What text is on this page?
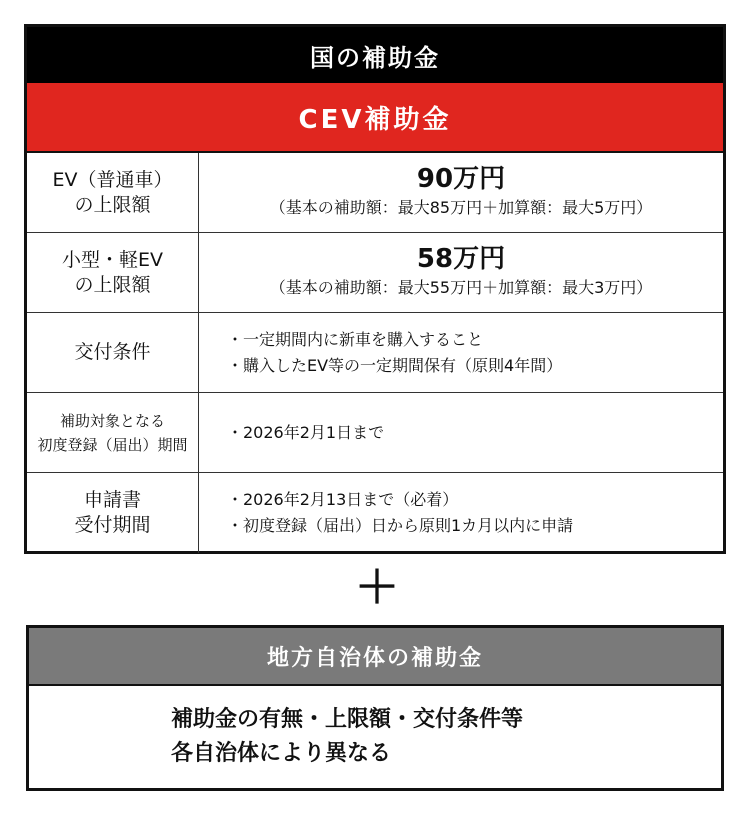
国の補助金
CEV補助金
EV（普通車）
の上限額
90万円
（基本の補助額：最大85万円＋加算額：最大5万円）
小型・軽EV
の上限額
58万円
（基本の補助額：最大55万円＋加算額：最大3万円）
交付条件
・一定期間内に新車を購入すること
・購入したEV等の一定期間保有（原則4年間）
補助対象となる
初度登録（届出）期間
・2026年2月1日まで
申請書
受付期間
・2026年2月13日まで（必着）
・初度登録（届出）日から原則1カ月以内に申請
＋
地方自治体の補助金
補助金の有無・上限額・交付条件等
各自治体により異なる
